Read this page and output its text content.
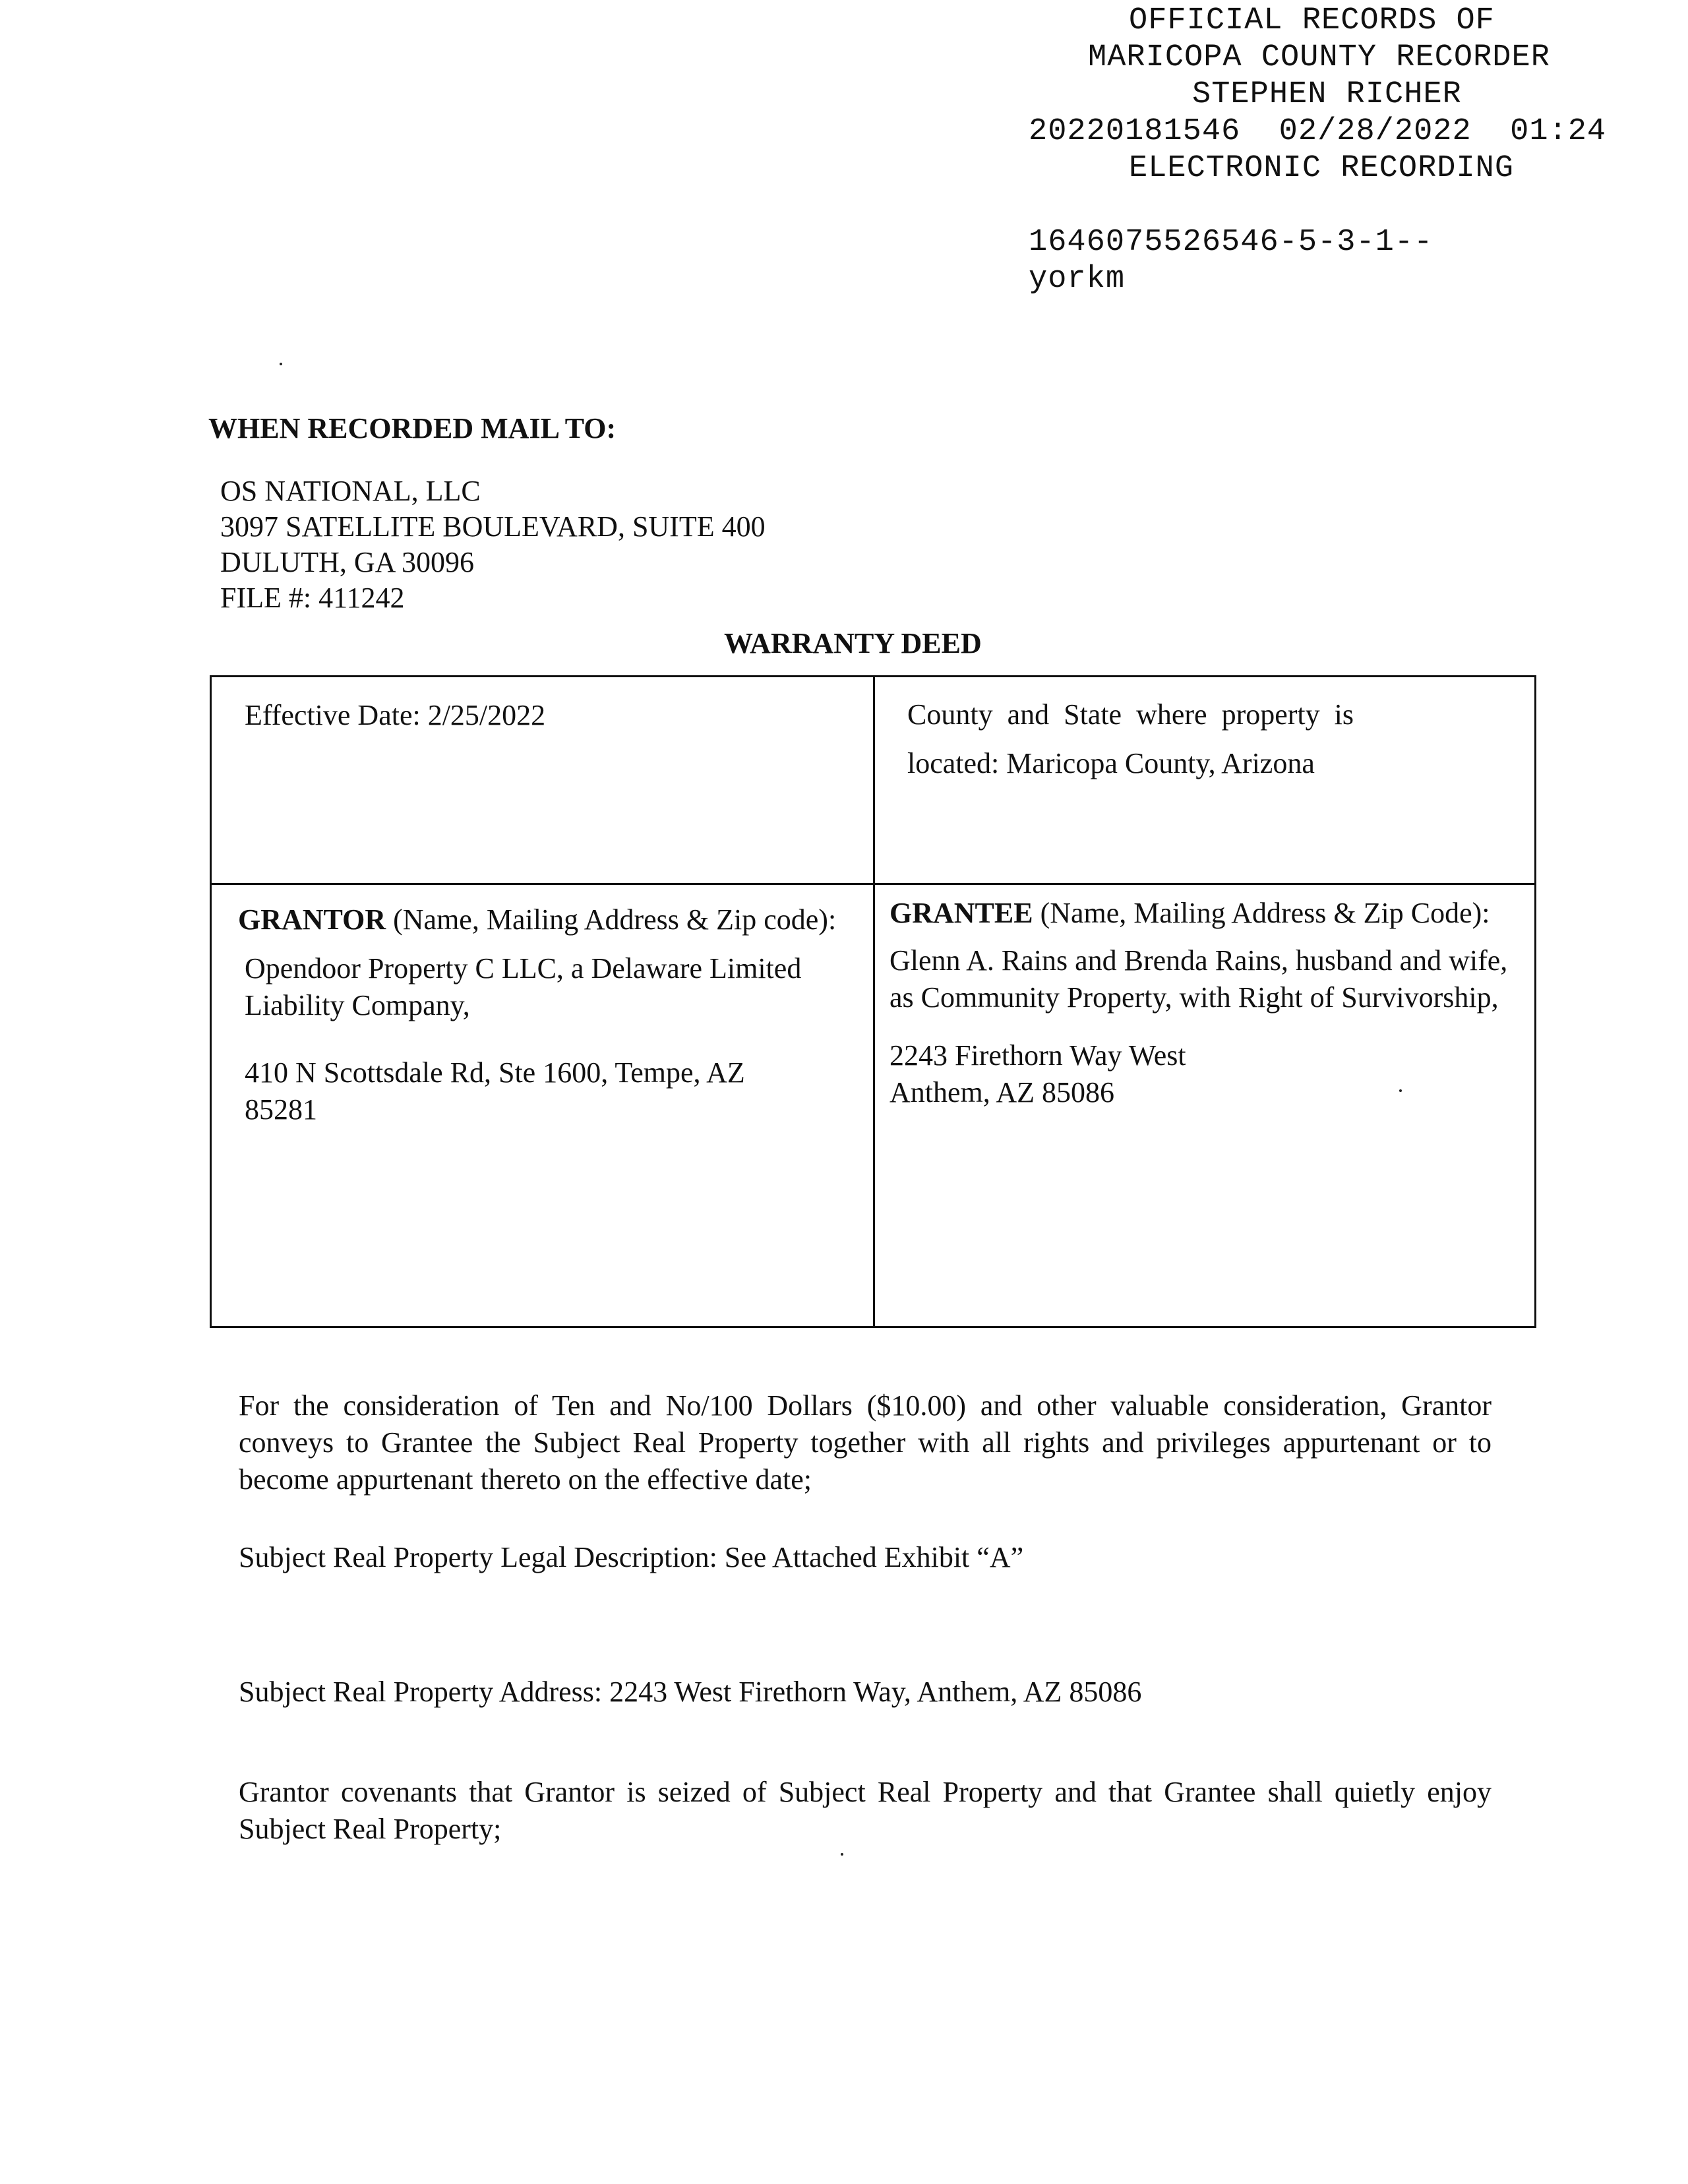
OFFICIAL RECORDS OF
MARICOPA COUNTY RECORDER
STEPHEN RICHER
20220181546  02/28/2022  01:24
ELECTRONIC RECORDING
1646075526546-5-3-1--
yorkm
WHEN RECORDED MAIL TO:
OS NATIONAL, LLC
3097 SATELLITE BOULEVARD, SUITE 400
DULUTH, GA 30096
FILE #: 411242
WARRANTY DEED
Effective Date: 2/25/2022	County  and  State  where  property  is
located: Maricopa County, Arizona
GRANTOR (Name, Mailing Address & Zip code):
Opendoor Property C LLC, a Delaware Limited
Liability Company,
410 N Scottsdale Rd, Ste 1600, Tempe, AZ
85281
GRANTEE (Name, Mailing Address & Zip Code):
Glenn A. Rains and Brenda Rains, husband and wife,
as Community Property, with Right of Survivorship,
2243 Firethorn Way West
Anthem, AZ 85086
For the consideration of Ten and No/100 Dollars ($10.00) and other valuable consideration, Grantor conveys to Grantee the Subject Real Property together with all rights and privileges appurtenant or to become appurtenant thereto on the effective date;
Subject Real Property Legal Description: See Attached Exhibit “A”
Subject Real Property Address: 2243 West Firethorn Way, Anthem, AZ 85086
Grantor covenants that Grantor is seized of Subject Real Property and that Grantee shall quietly enjoy Subject Real Property;
